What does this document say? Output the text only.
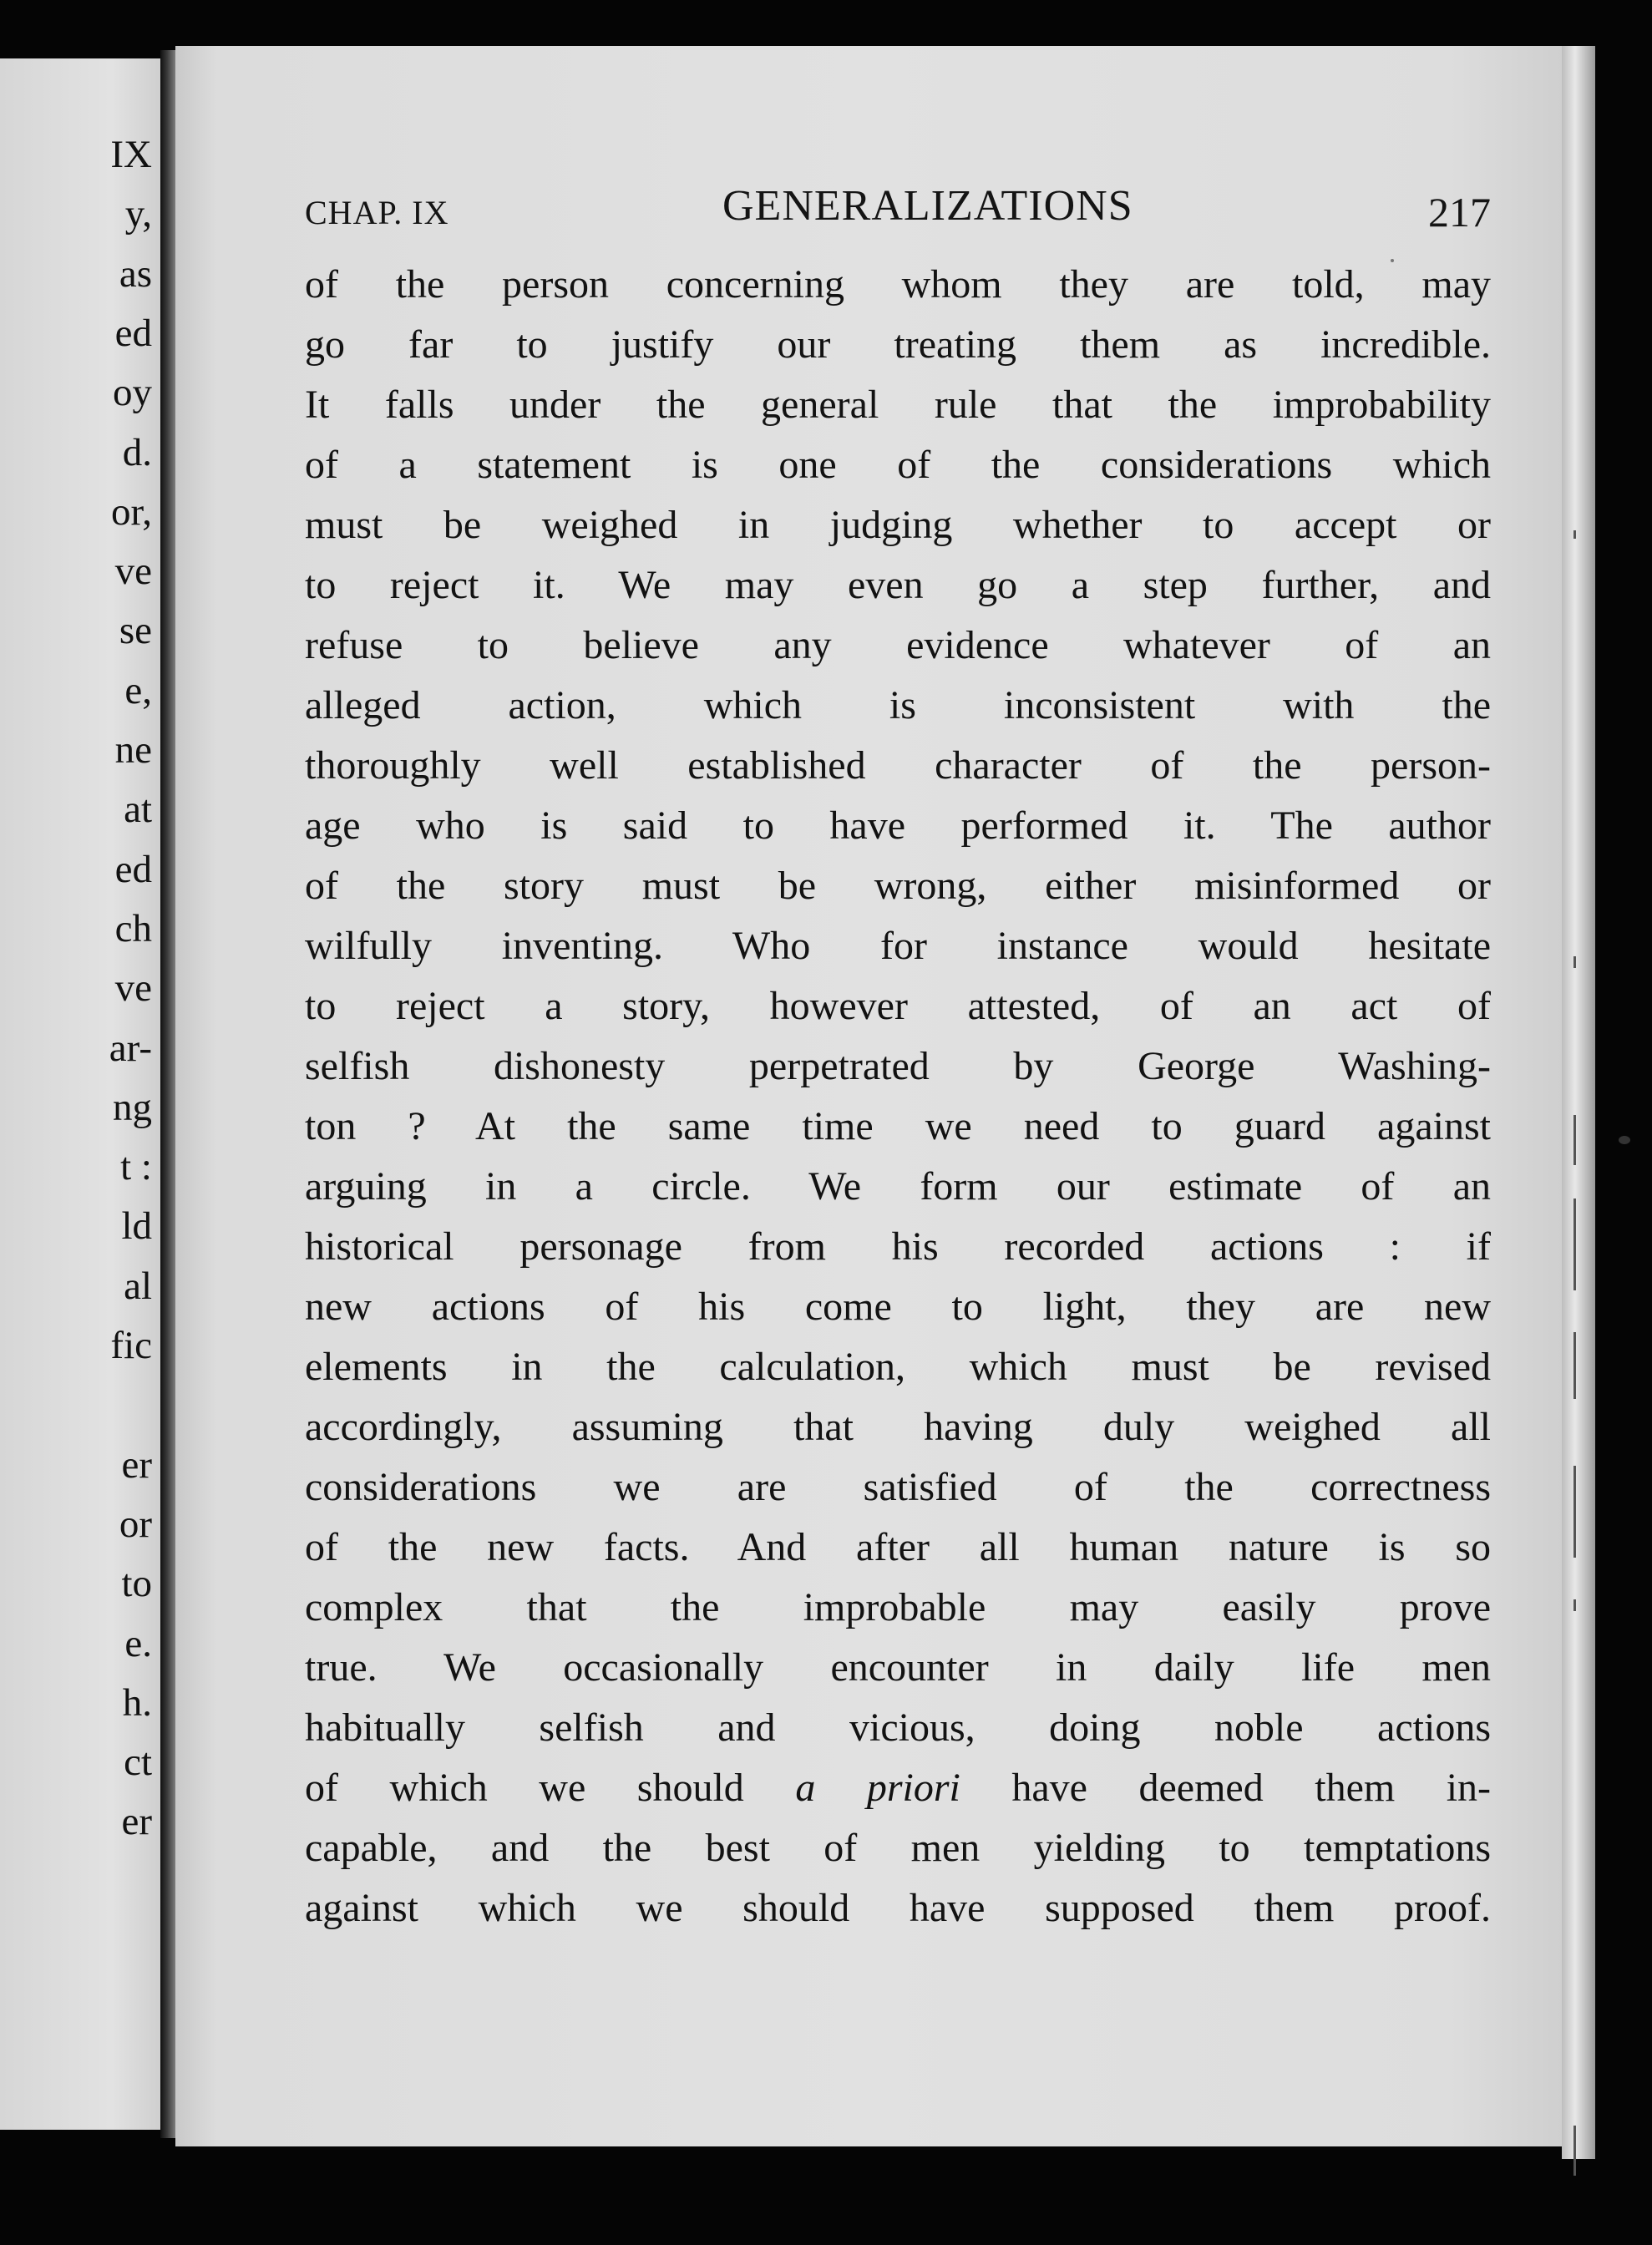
IX
y,
as
ed
oy
d.
or,
ve
se
e,
ne
at
ed
ch
ve
ar-
ng
t :
ld
al
fic
er
or
to
e.
h.
ct
er
CHAP. IX	GENERALIZATIONS	217
of the person concerning whom they are told, may
go far to justify our treating them as incredible.
It falls under the general rule that the improbability
of a statement is one of the considerations which
must be weighed in judging whether to accept or
to reject it. We may even go a step further, and
refuse to believe any evidence whatever of an
alleged action, which is inconsistent with the
thoroughly well established character of the person-
age who is said to have performed it. The author
of the story must be wrong, either misinformed or
wilfully inventing. Who for instance would hesitate
to reject a story, however attested, of an act of
selfish dishonesty perpetrated by George Washing-
ton ? At the same time we need to guard against
arguing in a circle. We form our estimate of an
historical personage from his recorded actions : if
new actions of his come to light, they are new
elements in the calculation, which must be revised
accordingly, assuming that having duly weighed all
considerations we are satisfied of the correctness
of the new facts. And after all human nature is so
complex that the improbable may easily prove
true. We occasionally encounter in daily life men
habitually selfish and vicious, doing noble actions
of which we should a priori have deemed them in-
capable, and the best of men yielding to temptations
against which we should have supposed them proof.
